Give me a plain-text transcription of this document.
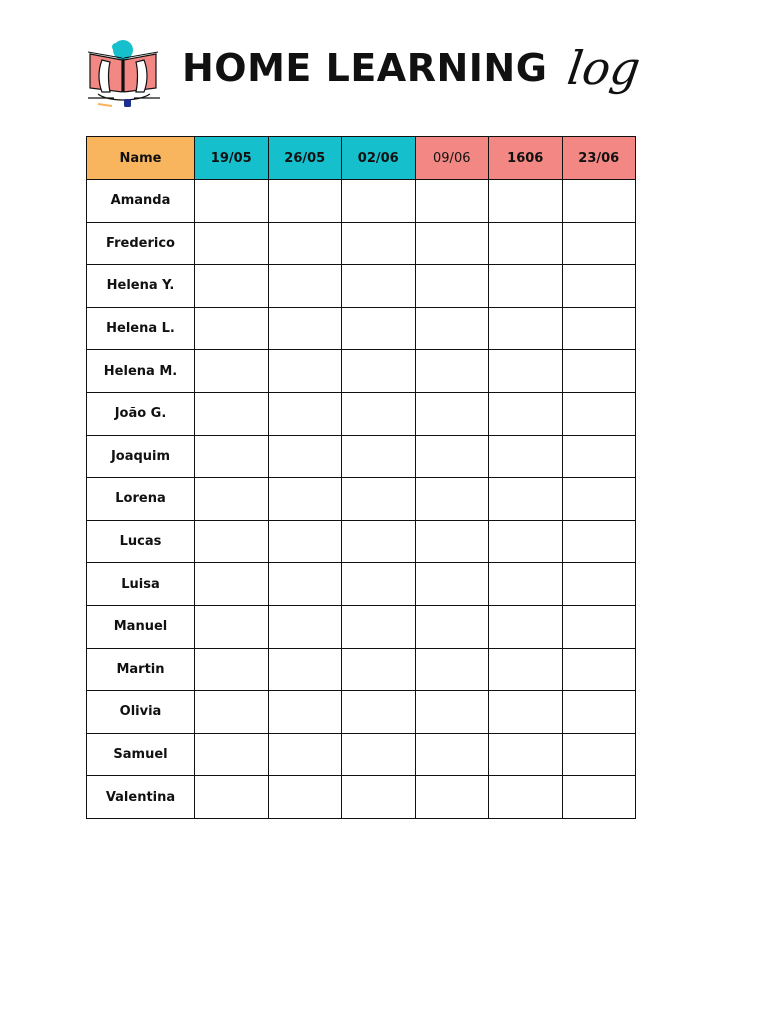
HOME LEARNING log
Name	19/05	26/05	02/06	09/06	1606	23/06
Amanda						
Frederico						
Helena Y.						
Helena L.						
Helena M.						
João G.						
Joaquim						
Lorena						
Lucas						
Luisa						
Manuel						
Martin						
Olivia						
Samuel						
Valentina						
